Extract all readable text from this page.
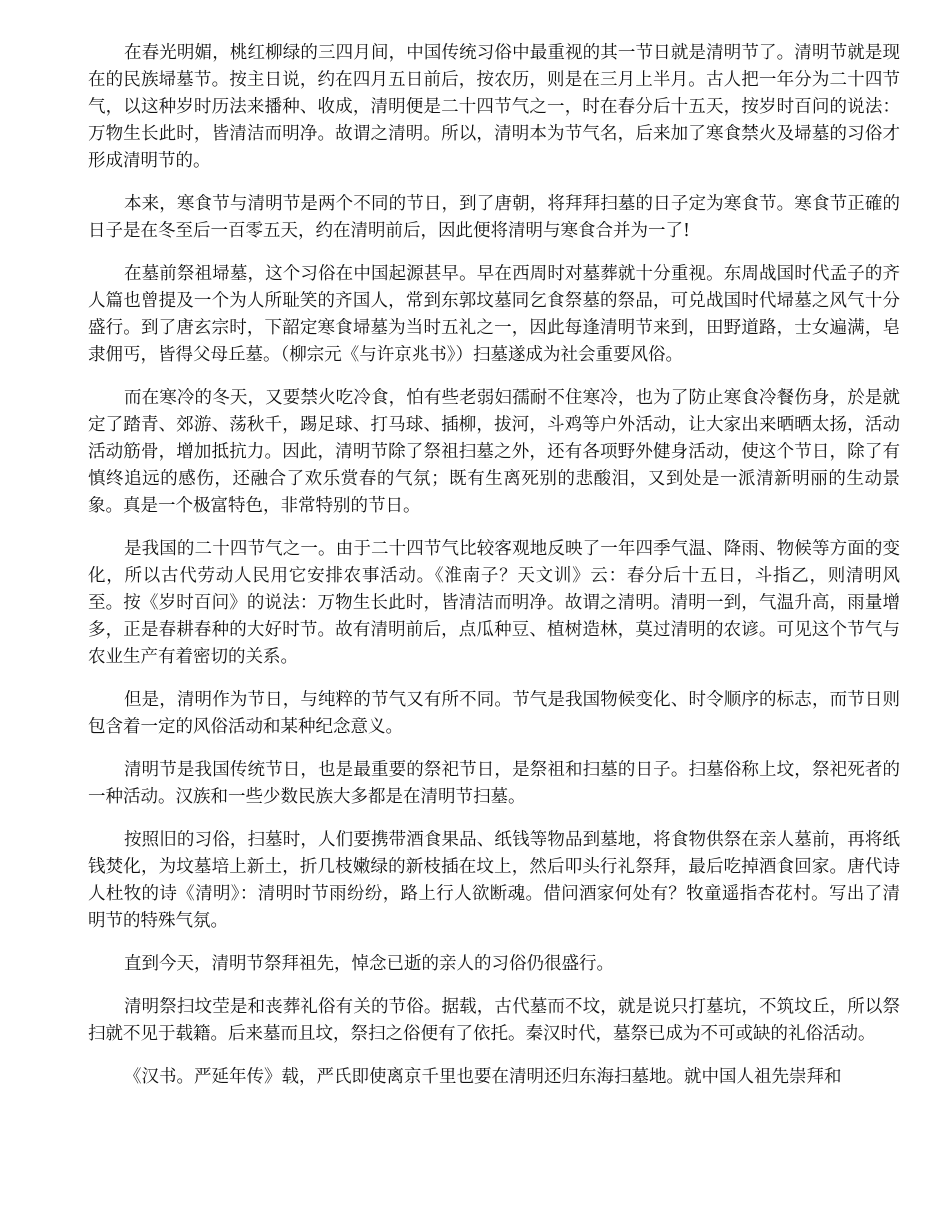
在春光明媚，桃红柳绿的三四月间，中国传统习俗中最重视的其一节日就是清明节了。清明节就是现在的民族埽墓节。按主日说，约在四月五日前后，按农历，则是在三月上半月。古人把一年分为二十四节气，以这种岁时历法来播种、收成，清明便是二十四节气之一，时在春分后十五天，按岁时百问的说法：万物生长此时，皆清洁而明净。故谓之清明。所以，清明本为节气名，后来加了寒食禁火及埽墓的习俗才形成清明节的。

本来，寒食节与清明节是两个不同的节日，到了唐朝，将拜拜扫墓的日子定为寒食节。寒食节正確的日子是在冬至后一百零五天，约在清明前后，因此便将清明与寒食合并为一了!

在墓前祭祖埽墓，这个习俗在中国起源甚早。早在西周时对墓葬就十分重视。东周战国时代孟子的齐人篇也曾提及一个为人所耻笑的齐国人，常到东郭坟墓同乞食祭墓的祭品，可兑战国时代埽墓之风气十分盛行。到了唐玄宗时，下韶定寒食埽墓为当时五礼之一，因此每逢清明节来到，田野道路，士女遍满，皂隶佣丐，皆得父母丘墓。（柳宗元《与许京兆书》）扫墓遂成为社会重要风俗。

而在寒冷的冬天，又要禁火吃冷食，怕有些老弱妇孺耐不住寒冷，也为了防止寒食冷餐伤身，於是就定了踏青、郊游、荡秋千，踢足球、打马球、插柳，拔河，斗鸡等户外活动，让大家出来晒晒太扬，活动活动筋骨，增加抵抗力。因此，清明节除了祭祖扫墓之外，还有各项野外健身活动，使这个节日，除了有慎终追远的感伤，还融合了欢乐赏春的气氛；既有生离死别的悲酸泪，又到处是一派清新明丽的生动景象。真是一个极富特色，非常特别的节日。

是我国的二十四节气之一。由于二十四节气比较客观地反映了一年四季气温、降雨、物候等方面的变化，所以古代劳动人民用它安排农事活动。《淮南子？天文训》云：春分后十五日，斗指乙，则清明风至。按《岁时百问》的说法：万物生长此时，皆清洁而明净。故谓之清明。清明一到，气温升高，雨量增多，正是春耕春种的大好时节。故有清明前后，点瓜种豆、植树造林，莫过清明的农谚。可见这个节气与农业生产有着密切的关系。

但是，清明作为节日，与纯粹的节气又有所不同。节气是我国物候变化、时令顺序的标志，而节日则包含着一定的风俗活动和某种纪念意义。

清明节是我国传统节日，也是最重要的祭祀节日，是祭祖和扫墓的日子。扫墓俗称上坟，祭祀死者的一种活动。汉族和一些少数民族大多都是在清明节扫墓。

按照旧的习俗，扫墓时，人们要携带酒食果品、纸钱等物品到墓地，将食物供祭在亲人墓前，再将纸钱焚化，为坟墓培上新土，折几枝嫩绿的新枝插在坟上，然后叩头行礼祭拜，最后吃掉酒食回家。唐代诗人杜牧的诗《清明》：清明时节雨纷纷，路上行人欲断魂。借问酒家何处有？牧童遥指杏花村。写出了清明节的特殊气氛。

直到今天，清明节祭拜祖先，悼念已逝的亲人的习俗仍很盛行。

清明祭扫坟茔是和丧葬礼俗有关的节俗。据载，古代墓而不坟，就是说只打墓坑，不筑坟丘，所以祭扫就不见于载籍。后来墓而且坟，祭扫之俗便有了依托。秦汉时代，墓祭已成为不可或缺的礼俗活动。

《汉书。严延年传》载，严氏即使离京千里也要在清明还归东海扫墓地。就中国人祖先崇拜和
